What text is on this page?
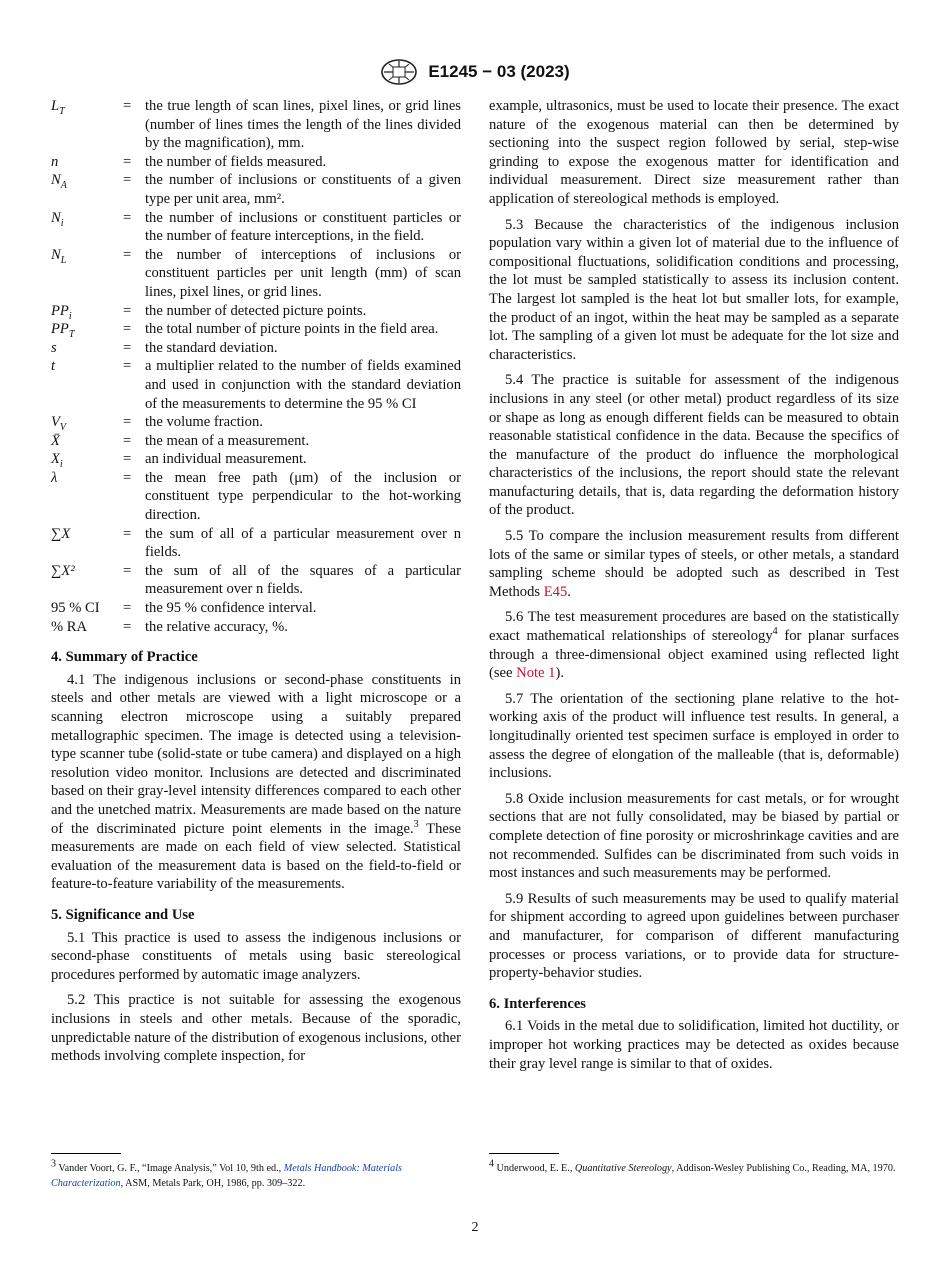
E1245 − 03 (2023)
$L_T$	=	the true length of scan lines, pixel lines, or grid lines (number of lines times the length of the lines divided by the magnification), mm.
n	=	the number of fields measured.
$N_A$	=	the number of inclusions or constituents of a given type per unit area, mm².
$N_i$	=	the number of inclusions or constituent particles or the number of feature interceptions, in the field.
$N_L$	=	the number of interceptions of inclusions or constituent particles per unit length (mm) of scan lines, pixel lines, or grid lines.
$PP_i$	=	the number of detected picture points.
$PP_T$	=	the total number of picture points in the field area.
s	=	the standard deviation.
t	=	a multiplier related to the number of fields examined and used in conjunction with the standard deviation of the measurements to determine the 95 % CI
$V_V$	=	the volume fraction.
X̄	=	the mean of a measurement.
$X_i$	=	an individual measurement.
λ	=	the mean free path (μm) of the inclusion or constituent type perpendicular to the hot-working direction.
∑X	=	the sum of all of a particular measurement over n fields.
∑X²	=	the sum of all of the squares of a particular measurement over n fields.
95 % CI	=	the 95 % confidence interval.
% RA	=	the relative accuracy, %.
4. Summary of Practice

4.1 The indigenous inclusions or second-phase constituents in steels and other metals are viewed with a light microscope or a scanning electron microscope using a suitably prepared metallographic specimen. The image is detected using a television-type scanner tube (solid-state or tube camera) and displayed on a high resolution video monitor. Inclusions are detected and discriminated based on their gray-level intensity differences compared to each other and the unetched matrix. Measurements are made based on the nature of the discriminated picture point elements in the image.$^3$ These measurements are made on each field of view selected. Statistical evaluation of the measurement data is based on the field-to-field or feature-to-feature variability of the measurements.

5. Significance and Use

5.1 This practice is used to assess the indigenous inclusions or second-phase constituents of metals using basic stereological procedures performed by automatic image analyzers.

5.2 This practice is not suitable for assessing the exogenous inclusions in steels and other metals. Because of the sporadic, unpredictable nature of the distribution of exogenous inclusions, other methods involving complete inspection, for

example, ultrasonics, must be used to locate their presence. The exact nature of the exogenous material can then be determined by sectioning into the suspect region followed by serial, step-wise grinding to expose the exogenous matter for identification and individual measurement. Direct size measurement rather than application of stereological methods is employed.

5.3 Because the characteristics of the indigenous inclusion population vary within a given lot of material due to the influence of compositional fluctuations, solidification conditions and processing, the lot must be sampled statistically to assess its inclusion content. The largest lot sampled is the heat lot but smaller lots, for example, the product of an ingot, within the heat may be sampled as a separate lot. The sampling of a given lot must be adequate for the lot size and characteristics.

5.4 The practice is suitable for assessment of the indigenous inclusions in any steel (or other metal) product regardless of its size or shape as long as enough different fields can be measured to obtain reasonable statistical confidence in the data. Because the specifics of the manufacture of the product do influence the morphological characteristics of the inclusions, the report should state the relevant manufacturing details, that is, data regarding the deformation history of the product.

5.5 To compare the inclusion measurement results from different lots of the same or similar types of steels, or other metals, a standard sampling scheme should be adopted such as described in Test Methods E45.

5.6 The test measurement procedures are based on the statistically exact mathematical relationships of stereology$^4$ for planar surfaces through a three-dimensional object examined using reflected light (see Note 1).

5.7 The orientation of the sectioning plane relative to the hot-working axis of the product will influence test results. In general, a longitudinally oriented test specimen surface is employed in order to assess the degree of elongation of the malleable (that is, deformable) inclusions.

5.8 Oxide inclusion measurements for cast metals, or for wrought sections that are not fully consolidated, may be biased by partial or complete detection of fine porosity or microshrinkage cavities and are not recommended. Sulfides can be discriminated from such voids in most instances and such measurements may be performed.

5.9 Results of such measurements may be used to qualify material for shipment according to agreed upon guidelines between purchaser and manufacturer, for comparison of different manufacturing processes or process variations, or to provide data for structure-property-behavior studies.

6. Interferences

6.1 Voids in the metal due to solidification, limited hot ductility, or improper hot working practices may be detected as oxides because their gray level range is similar to that of oxides.

$^3$ Vander Voort, G. F., “Image Analysis,” Vol 10, 9th ed., Metals Handbook: Materials Characterization, ASM, Metals Park, OH, 1986, pp. 309–322.
$^4$ Underwood, E. E., Quantitative Stereology, Addison-Wesley Publishing Co., Reading, MA, 1970.
2
